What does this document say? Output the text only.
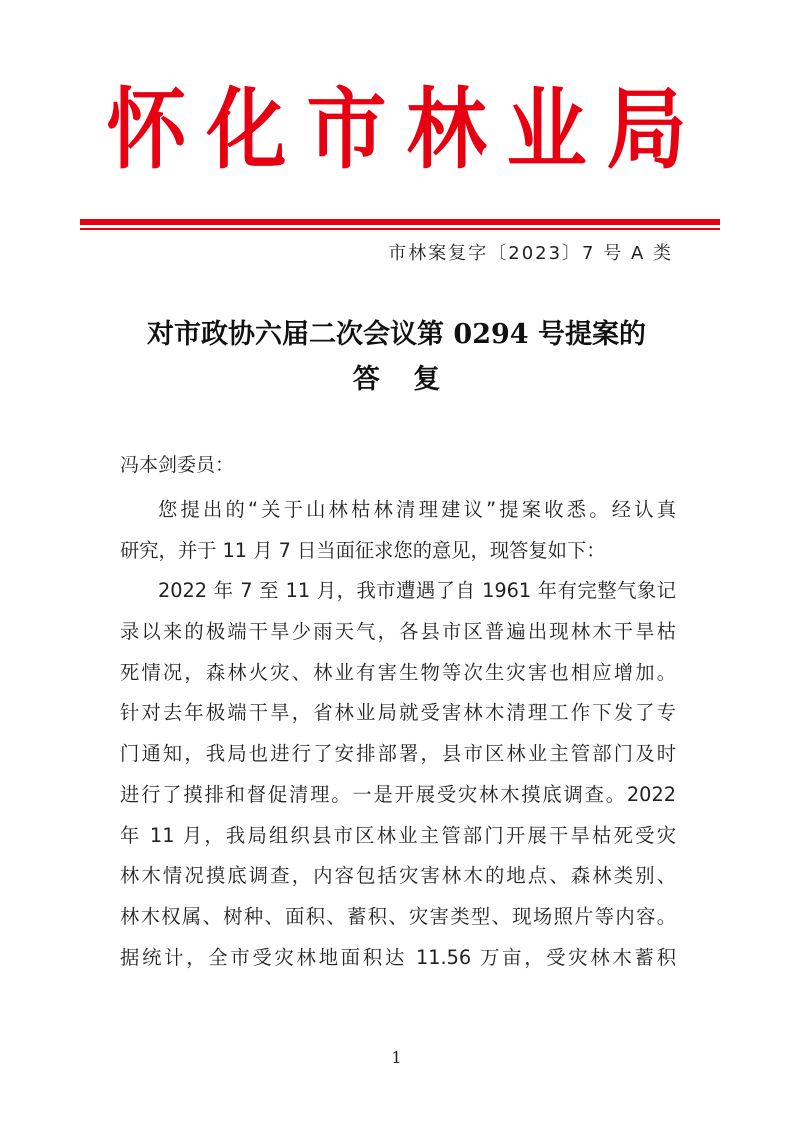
怀化市林业局
市林案复字〔2023〕7 号 A 类
对市政协六届二次会议第 0294 号提案的
答 复
冯本剑委员：
您提出的“关于山林枯林清理建议”提案收悉。经认真
研究，并于 11 月 7 日当面征求您的意见，现答复如下：
2022 年 7 至 11 月，我市遭遇了自 1961 年有完整气象记
录以来的极端干旱少雨天气，各县市区普遍出现林木干旱枯
死情况，森林火灾、林业有害生物等次生灾害也相应增加。
针对去年极端干旱，省林业局就受害林木清理工作下发了专
门通知，我局也进行了安排部署，县市区林业主管部门及时
进行了摸排和督促清理。一是开展受灾林木摸底调查。2022
年 11 月，我局组织县市区林业主管部门开展干旱枯死受灾
林木情况摸底调查，内容包括灾害林木的地点、森林类别、
林木权属、树种、面积、蓄积、灾害类型、现场照片等内容。
据统计，全市受灾林地面积达 11.56 万亩，受灾林木蓄积
1
